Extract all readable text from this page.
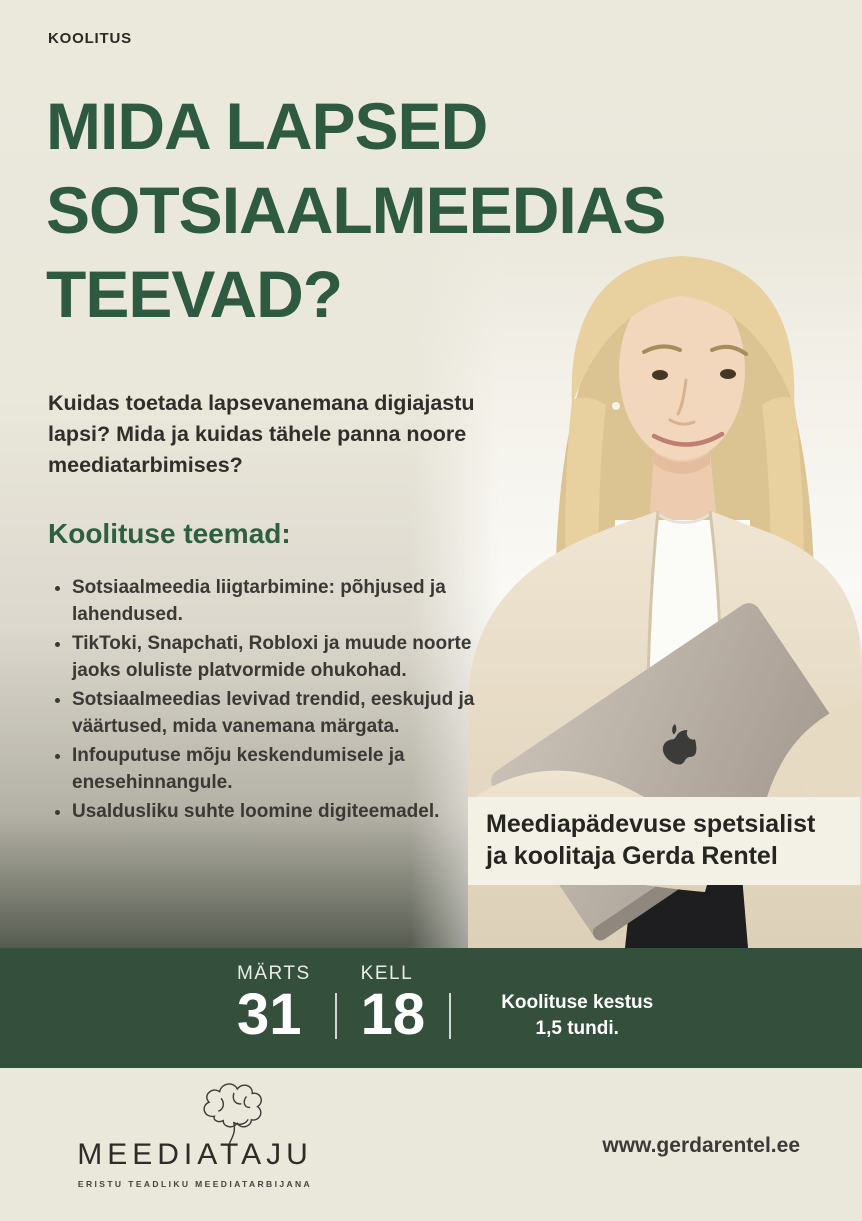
KOOLITUS
MIDA LAPSED
SOTSIAALMEEDIAS
TEEVAD?

Kuidas toetada lapsevanemana digiajastu lapsi? Mida ja kuidas tähele panna noore meediatarbimises?

Koolituse teemad:
• Sotsiaalmeedia liigtarbimine: põhjused ja lahendused.
• TikToki, Snapchati, Robloxi ja muude noorte jaoks oluliste platvormide ohukohad.
• Sotsiaalmeedias levivad trendid, eeskujud ja väärtused, mida vanemana märgata.
• Infouputuse mõju keskendumisele ja enesehinnangule.
• Usaldusliku suhte loomine digiteemadel.	Meediapädevuse spetsialist
ja koolitaja Gerda Rentel
MÄRTS
31
KELL
18	Koolituse kestus
1,5 tundi.
MEEDIATAJU
ERISTU TEADLIKU MEEDIATARBIJANA
www.gerdarentel.ee
